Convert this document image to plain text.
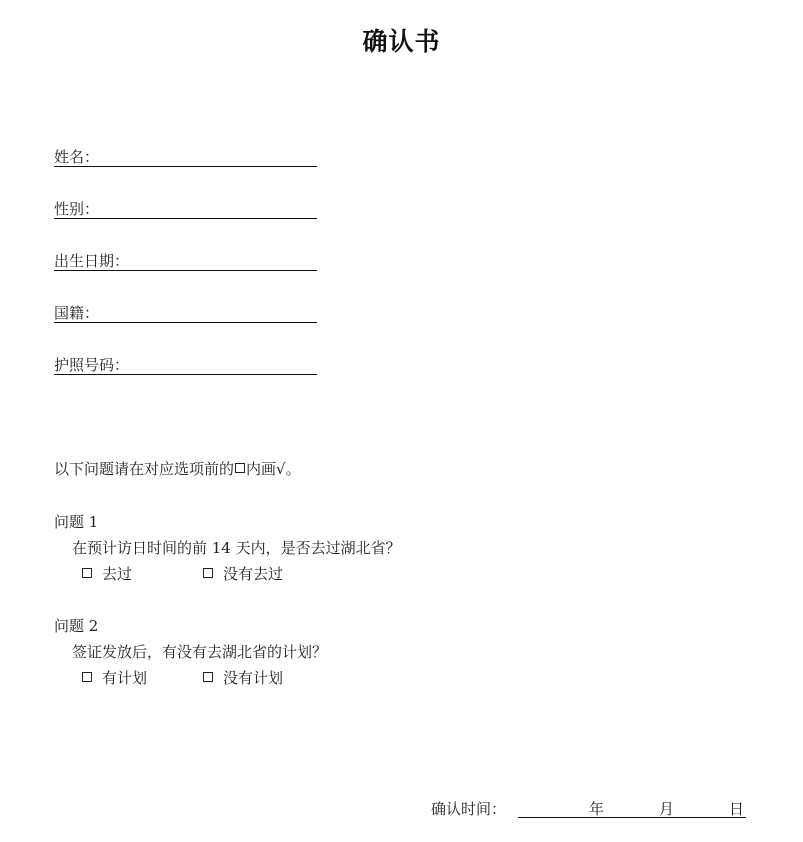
确认书
姓名：
性别：
出生日期：
国籍：
护照号码：
以下问题请在对应选项前的 内画√。
问题 1
在预计访日时间的前 14 天内，是否去过湖北省？
去过	没有去过
问题 2
签证发放后，有没有去湖北省的计划？
有计划	没有计划
确认时间：	年	月	日
